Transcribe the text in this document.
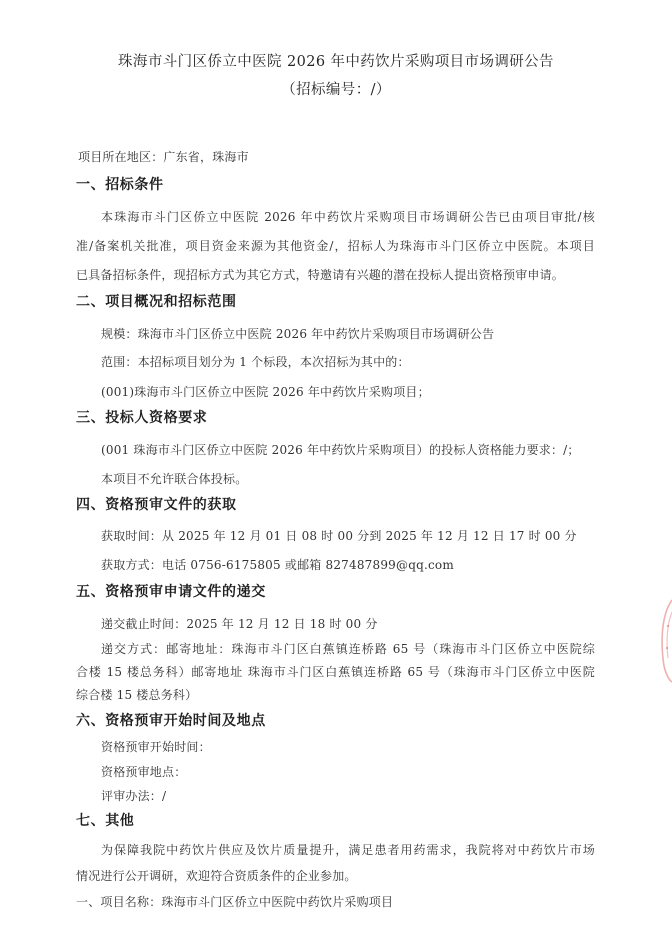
珠海市斗门区侨立中医院 2026 年中药饮片采购项目市场调研公告
（招标编号：/）
项目所在地区：广东省，珠海市
一、招标条件
本珠海市斗门区侨立中医院 2026 年中药饮片采购项目市场调研公告已由项目审批/核
准/备案机关批准，项目资金来源为其他资金/，招标人为珠海市斗门区侨立中医院。本项目
已具备招标条件，现招标方式为其它方式，特邀请有兴趣的潜在投标人提出资格预审申请。
二、项目概况和招标范围
规模：珠海市斗门区侨立中医院 2026 年中药饮片采购项目市场调研公告
范围：本招标项目划分为 1 个标段，本次招标为其中的：
(001)珠海市斗门区侨立中医院 2026 年中药饮片采购项目；
三、投标人资格要求
(001 珠海市斗门区侨立中医院 2026 年中药饮片采购项目）的投标人资格能力要求：/；
本项目不允许联合体投标。
四、资格预审文件的获取
获取时间：从 2025 年 12 月 01 日 08 时 00 分到 2025 年 12 月 12 日 17 时 00 分
获取方式：电话 0756-6175805 或邮箱 827487899@qq.com
五、资格预审申请文件的递交
递交截止时间：2025 年 12 月 12 日 18 时 00 分
递交方式：邮寄地址：珠海市斗门区白蕉镇连桥路 65 号（珠海市斗门区侨立中医院综
合楼 15 楼总务科）邮寄地址 珠海市斗门区白蕉镇连桥路 65 号（珠海市斗门区侨立中医院
综合楼 15 楼总务科）
六、资格预审开始时间及地点
资格预审开始时间：
资格预审地点：
评审办法：/
七、其他
为保障我院中药饮片供应及饮片质量提升，满足患者用药需求，我院将对中药饮片市场
情况进行公开调研，欢迎符合资质条件的企业参加。
一、项目名称：珠海市斗门区侨立中医院中药饮片采购项目
